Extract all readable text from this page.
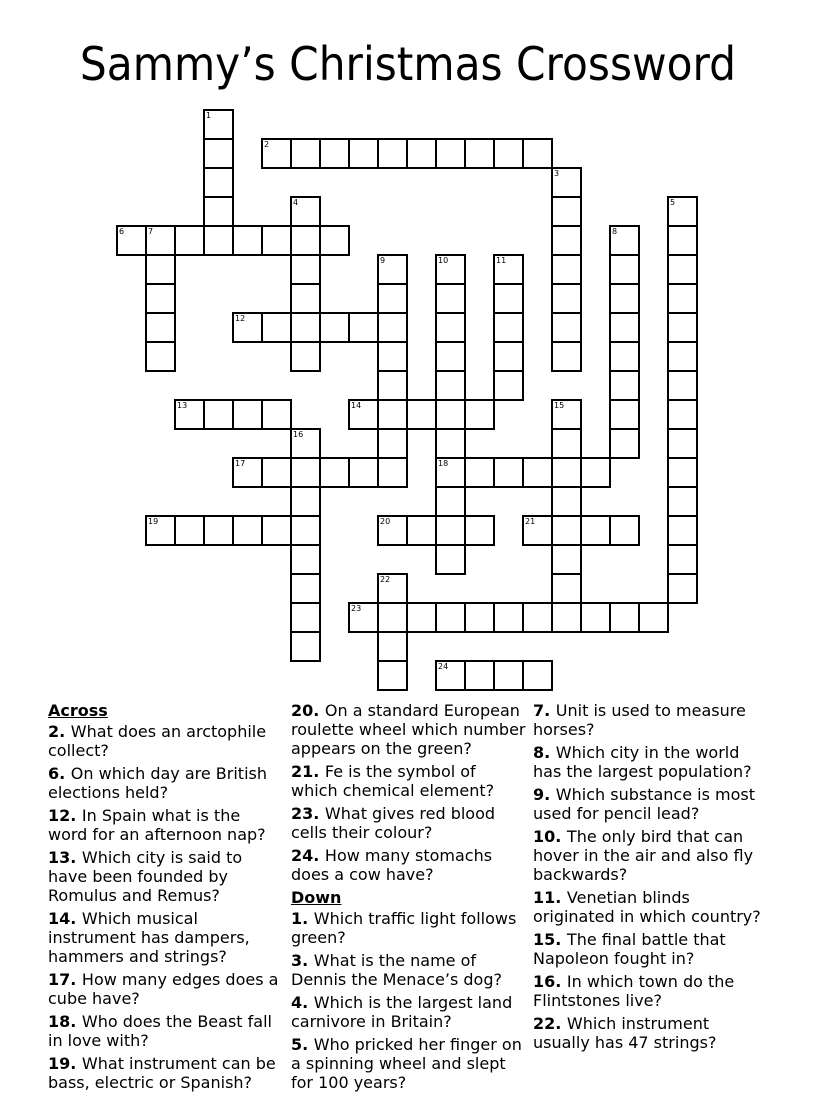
Sammy’s Christmas Crossword
2
6	7
12
13	14
17	18
19	20	21
23
24
1
3
4	5
8
9	10	11
15
16
22
Across
2 . What does an arctophile collect?
6 . On which day are British elections held?
12 . In Spain what is the word for an afternoon nap?
13 . Which city is said to have been founded by Romulus and Remus?
14 . Which musical instrument has dampers, hammers and strings?
17 . How many edges does a cube have?
18 . Who does the Beast fall in love with?
19 . What instrument can be bass, electric or Spanish?
20 . On a standard European roulette wheel which number appears on the green?
21 . Fe is the symbol of which chemical element?
23 . What gives red blood cells their colour?
24 . How many stomachs does a cow have?
Down
1 . Which traffic light follows green?
3 . What is the name of Dennis the Menace’s dog?
4 . Which is the largest land carnivore in Britain?
5 . Who pricked her finger on a spinning wheel and slept for 100 years?
7 . Unit is used to measure horses?
8 . Which city in the world has the largest population?
9 . Which substance is most used for pencil lead?
10 . The only bird that can hover in the air and also fly backwards?
11 . Venetian blinds originated in which country?
15 . The final battle that Napoleon fought in?
16 . In which town do the Flintstones live?
22 . Which instrument usually has 47 strings?
